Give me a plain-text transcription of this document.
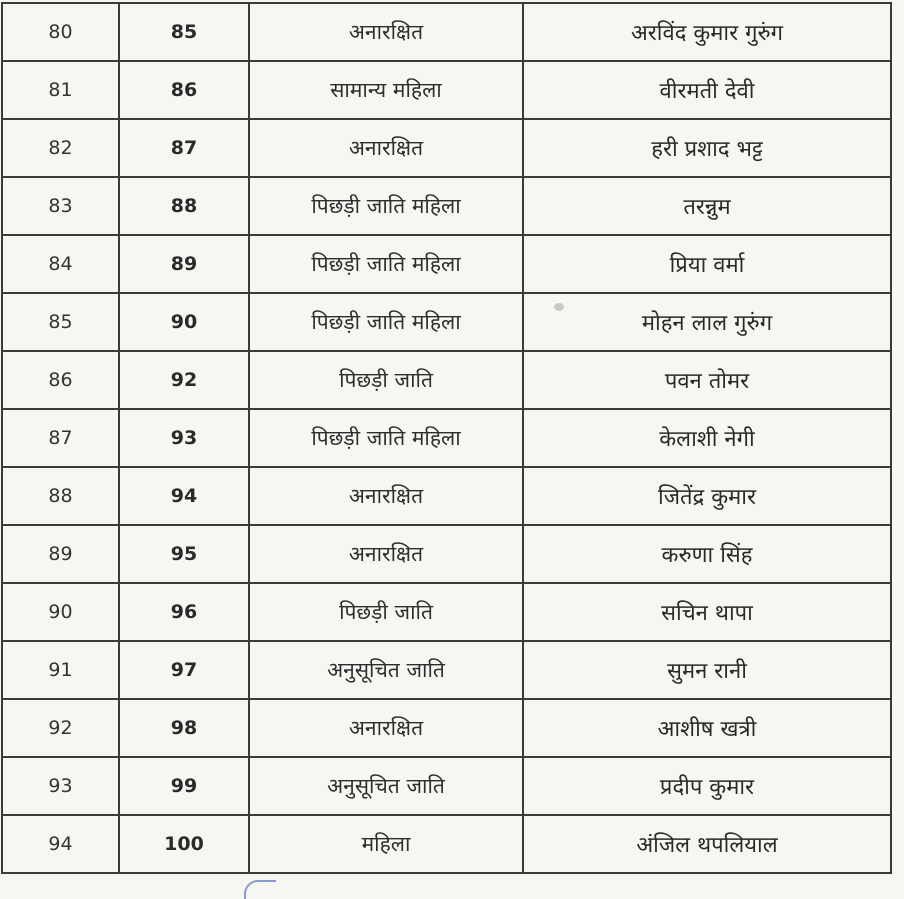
80	85	अनारक्षित	अरविंद कुमार गुरुंग
81	86	सामान्य महिला	वीरमती देवी
82	87	अनारक्षित	हरी प्रशाद भट्ट
83	88	पिछड़ी जाति महिला	तरन्नुम
84	89	पिछड़ी जाति महिला	प्रिया वर्मा
85	90	पिछड़ी जाति महिला	मोहन लाल गुरुंग
86	92	पिछड़ी जाति	पवन तोमर
87	93	पिछड़ी जाति महिला	केलाशी नेगी
88	94	अनारक्षित	जितेंद्र कुमार
89	95	अनारक्षित	करुणा सिंह
90	96	पिछड़ी जाति	सचिन थापा
91	97	अनुसूचित जाति	सुमन रानी
92	98	अनारक्षित	आशीष खत्री
93	99	अनुसूचित जाति	प्रदीप कुमार
94	100	महिला	अंजिल थपलियाल
